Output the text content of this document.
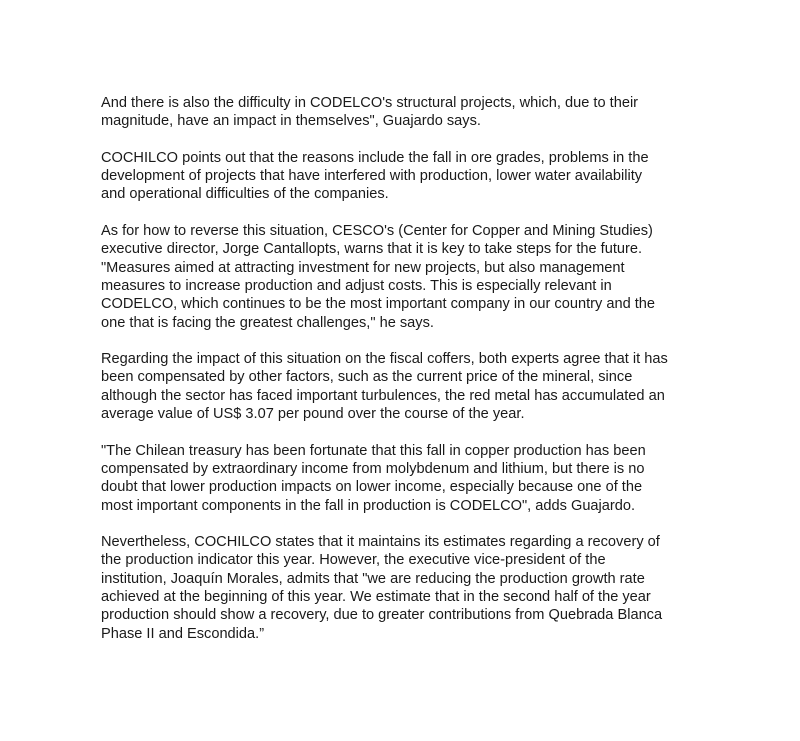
And there is also the difficulty in CODELCO's structural projects, which, due to their
magnitude, have an impact in themselves", Guajardo says.

COCHILCO points out that the reasons include the fall in ore grades, problems in the
development of projects that have interfered with production, lower water availability
and operational difficulties of the companies.

As for how to reverse this situation, CESCO's (Center for Copper and Mining Studies)
executive director, Jorge Cantallopts, warns that it is key to take steps for the future.
"Measures aimed at attracting investment for new projects, but also management
measures to increase production and adjust costs. This is especially relevant in
CODELCO, which continues to be the most important company in our country and the
one that is facing the greatest challenges," he says.

Regarding the impact of this situation on the fiscal coffers, both experts agree that it has
been compensated by other factors, such as the current price of the mineral, since
although the sector has faced important turbulences, the red metal has accumulated an
average value of US$ 3.07 per pound over the course of the year.

"The Chilean treasury has been fortunate that this fall in copper production has been
compensated by extraordinary income from molybdenum and lithium, but there is no
doubt that lower production impacts on lower income, especially because one of the
most important components in the fall in production is CODELCO", adds Guajardo.

Nevertheless, COCHILCO states that it maintains its estimates regarding a recovery of
the production indicator this year. However, the executive vice-president of the
institution, Joaquín Morales, admits that "we are reducing the production growth rate
achieved at the beginning of this year. We estimate that in the second half of the year
production should show a recovery, due to greater contributions from Quebrada Blanca
Phase II and Escondida.”
